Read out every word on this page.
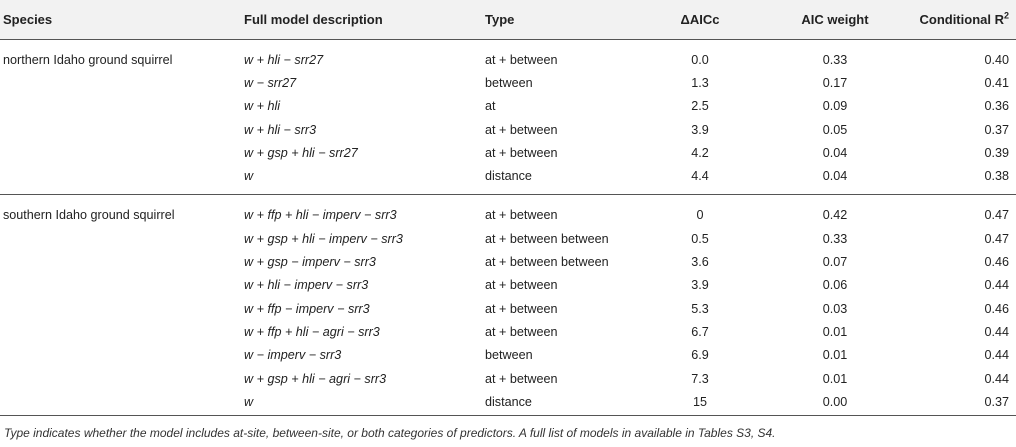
Species	Full model description	Type	ΔAICc	AIC weight	Conditional $R^2$
northern Idaho ground squirrel	w + hli − srr27	at + between	0.0	0.33	0.40
	w − srr27	between	1.3	0.17	0.41
	w + hli	at	2.5	0.09	0.36
	w + hli − srr3	at + between	3.9	0.05	0.37
	w + gsp + hli − srr27	at + between	4.2	0.04	0.39
	w	distance	4.4	0.04	0.38
southern Idaho ground squirrel	w + ffp + hli − imperv − srr3	at + between	0	0.42	0.47
	w + gsp + hli − imperv − srr3	at + between between	0.5	0.33	0.47
	w + gsp − imperv − srr3	at + between between	3.6	0.07	0.46
	w + hli − imperv − srr3	at + between	3.9	0.06	0.44
	w + ffp − imperv − srr3	at + between	5.3	0.03	0.46
	w + ffp + hli − agri − srr3	at + between	6.7	0.01	0.44
	w − imperv − srr3	between	6.9	0.01	0.44
	w + gsp + hli − agri − srr3	at + between	7.3	0.01	0.44
	w	distance	15	0.00	0.37
Type indicates whether the model includes at-site, between-site, or both categories of predictors. A full list of models in available in Tables S3, S4.
